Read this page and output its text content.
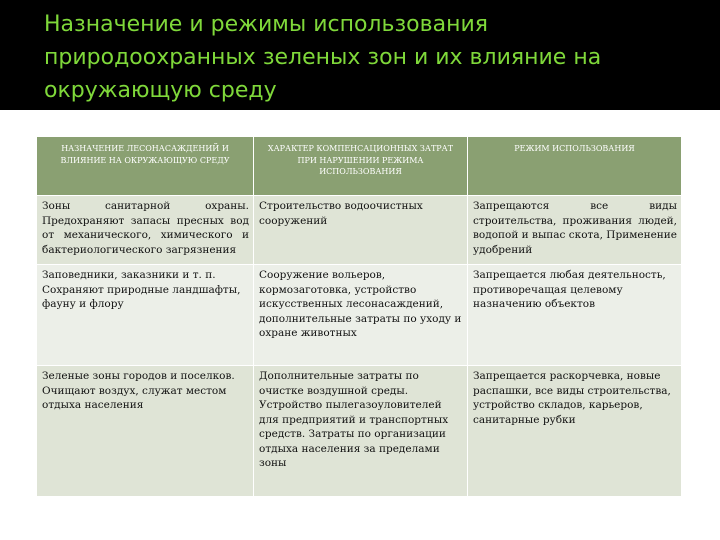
Назначение и режимы использования природоохранных зеленых зон и их влияние на окружающую среду
НАЗНАЧЕНИЕ ЛЕСОНАСАЖДЕНИЙ И ВЛИЯНИЕ НА ОКРУЖАЮЩУЮ СРЕДУ	ХАРАКТЕР КОМПЕНСАЦИОННЫХ ЗАТРАТ ПРИ НАРУШЕНИИ РЕЖИМА ИСПОЛЬЗОВАНИЯ	РЕЖИМ ИСПОЛЬЗОВАНИЯ
Зоны санитарной охраны. Предохраняют запасы пресных вод от механического, химического и бактериологического загрязнения	Строительство водоочистных сооружений	Запрещаются все виды строительства, проживания людей, водопой и выпас скота, Применение удобрений
Заповедники, заказники и т. п. Сохраняют природные ландшафты, фауну и флору	Сооружение вольеров, кормозаготовка, устройство искусственных лесонасаждений, дополнительные затраты по уходу и охране животных	Запрещается любая деятельность, противоречащая целевому назначению объектов
Зеленые зоны городов и поселков. Очищают воздух, служат местом отдыха населения	Дополнительные затраты по очистке воздушной среды. Устройство пылегазоуловителей для предприятий и транспортных средств. Затраты по организации отдыха населения за пределами зоны	Запрещается раскорчевка, новые распашки, все виды строительства, устройство складов, карьеров, санитарные рубки
